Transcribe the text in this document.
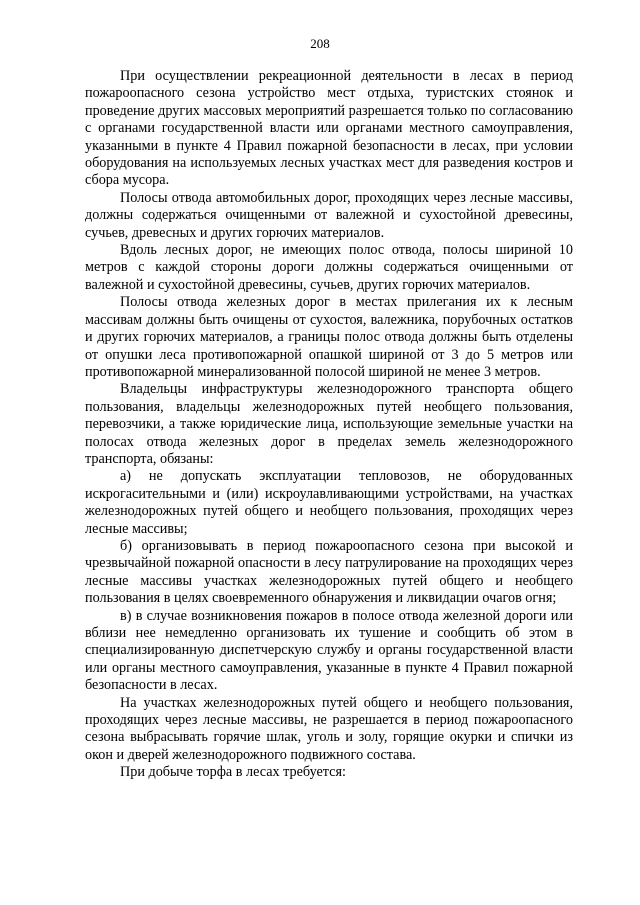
208

При осуществлении рекреационной деятельности в лесах в период пожароопасного сезона устройство мест отдыха, туристских стоянок и проведение других массовых мероприятий разрешается только по согласованию с органами государственной власти или органами местного самоуправления, указанными в пункте 4 Правил пожарной безопасности в лесах, при условии оборудования на используемых лесных участках мест для разведения костров и сбора мусора.

Полосы отвода автомобильных дорог, проходящих через лесные массивы, должны содержаться очищенными от валежной и сухостойной древесины, сучьев, древесных и других горючих материалов.

Вдоль лесных дорог, не имеющих полос отвода, полосы шириной 10 метров с каждой стороны дороги должны содержаться очищенными от валежной и сухостойной древесины, сучьев, других горючих материалов.

Полосы отвода железных дорог в местах прилегания их к лесным массивам должны быть очищены от сухостоя, валежника, порубочных остатков и других горючих материалов, а границы полос отвода должны быть отделены от опушки леса противопожарной опашкой шириной от 3 до 5 метров или противопожарной минерализованной полосой шириной не менее 3 метров.

Владельцы инфраструктуры железнодорожного транспорта общего пользования, владельцы железнодорожных путей необщего пользования, перевозчики, а также юридические лица, использующие земельные участки на полосах отвода железных дорог в пределах земель железнодорожного транспорта, обязаны:

а) не допускать эксплуатации тепловозов, не оборудованных искрогасительными и (или) искроулавливающими устройствами, на участках железнодорожных путей общего и необщего пользования, проходящих через лесные массивы;

б) организовывать в период пожароопасного сезона при высокой и чрезвычайной пожарной опасности в лесу патрулирование на проходящих через лесные массивы участках железнодорожных путей общего и необщего пользования в целях своевременного обнаружения и ликвидации очагов огня;

в) в случае возникновения пожаров в полосе отвода железной дороги или вблизи нее немедленно организовать их тушение и сообщить об этом в специализированную диспетчерскую службу и органы государственной власти или органы местного самоуправления, указанные в пункте 4 Правил пожарной безопасности в лесах.

На участках железнодорожных путей общего и необщего пользования, проходящих через лесные массивы, не разрешается в период пожароопасного сезона выбрасывать горячие шлак, уголь и золу, горящие окурки и спички из окон и дверей железнодорожного подвижного состава.

При добыче торфа в лесах требуется:
